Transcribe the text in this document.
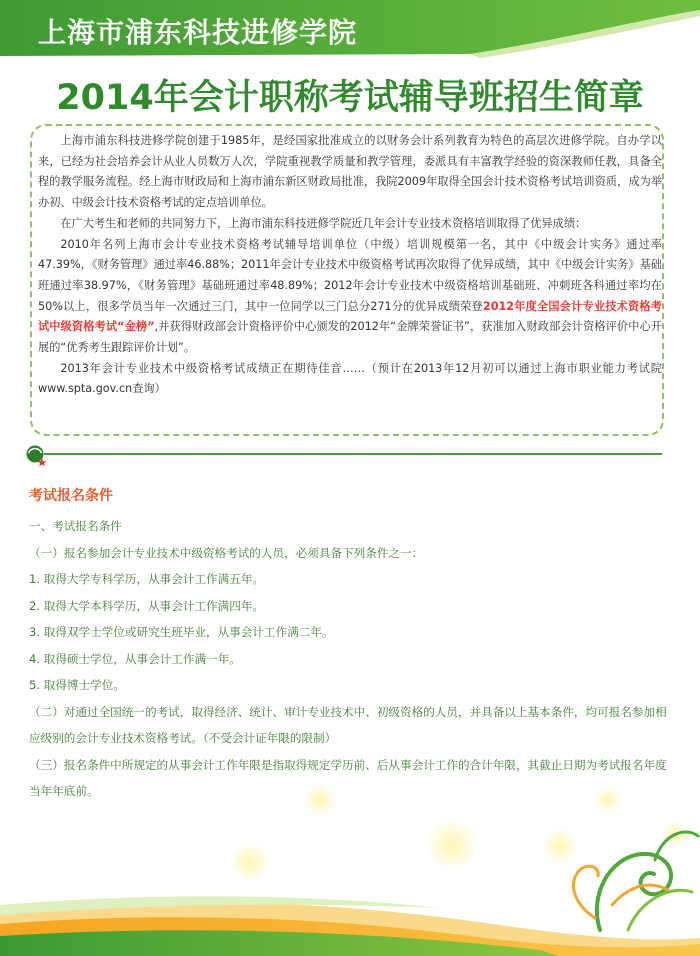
上海市浦东科技进修学院
2014年会计职称考试辅导班招生简章

上海市浦东科技进修学院创建于1985年，是经国家批准成立的以财务会计系列教育为特色的高层次进修学院。自办学以来，已经为社会培养会计从业人员数万人次，学院重视教学质量和教学管理，委派具有丰富教学经验的资深教师任教，具备全程的教学服务流程。经上海市财政局和上海市浦东新区财政局批准，我院2009年取得全国会计技术资格考试培训资质，成为举办初、中级会计技术资格考试的定点培训单位。

在广大考生和老师的共同努力下，上海市浦东科技进修学院近几年会计专业技术资格培训取得了优异成绩：

2010年名列上海市会计专业技术资格考试辅导培训单位（中级）培训规模第一名，其中《中级会计实务》通过率47.39%，《财务管理》通过率46.88%；2011年会计专业技术中级资格考试再次取得了优异成绩，其中《中级会计实务》基础班通过率38.97%，《财务管理》基础班通过率48.89%；2012年会计专业技术中级资格培训基础班、冲刺班各科通过率均在50%以上，很多学员当年一次通过三门，其中一位同学以三门总分271分的优异成绩荣登2012年度全国会计专业技术资格考试中级资格考试“金榜”,并获得财政部会计资格评价中心颁发的2012年“金牌荣誉证书”，获准加入财政部会计资格评价中心开展的“优秀考生跟踪评价计划”。

2013年会计专业技术中级资格考试成绩正在期待佳音……（预计在2013年12月初可以通过上海市职业能力考试院www.spta.gov.cn查询）

考试报名条件
一、考试报名条件
（一）报名参加会计专业技术中级资格考试的人员，必须具备下列条件之一：
1. 取得大学专科学历，从事会计工作满五年。
2. 取得大学本科学历，从事会计工作满四年。
3. 取得双学士学位或研究生班毕业，从事会计工作满二年。
4. 取得硕士学位，从事会计工作满一年。
5. 取得博士学位。
（二）对通过全国统一的考试，取得经济、统计、审计专业技术中、初级资格的人员，并具备以上基本条件，均可报名参加相应级别的会计专业技术资格考试。（不受会计证年限的限制）
（三）报名条件中所规定的从事会计工作年限是指取得规定学历前、后从事会计工作的合计年限，其截止日期为考试报名年度当年年底前。
